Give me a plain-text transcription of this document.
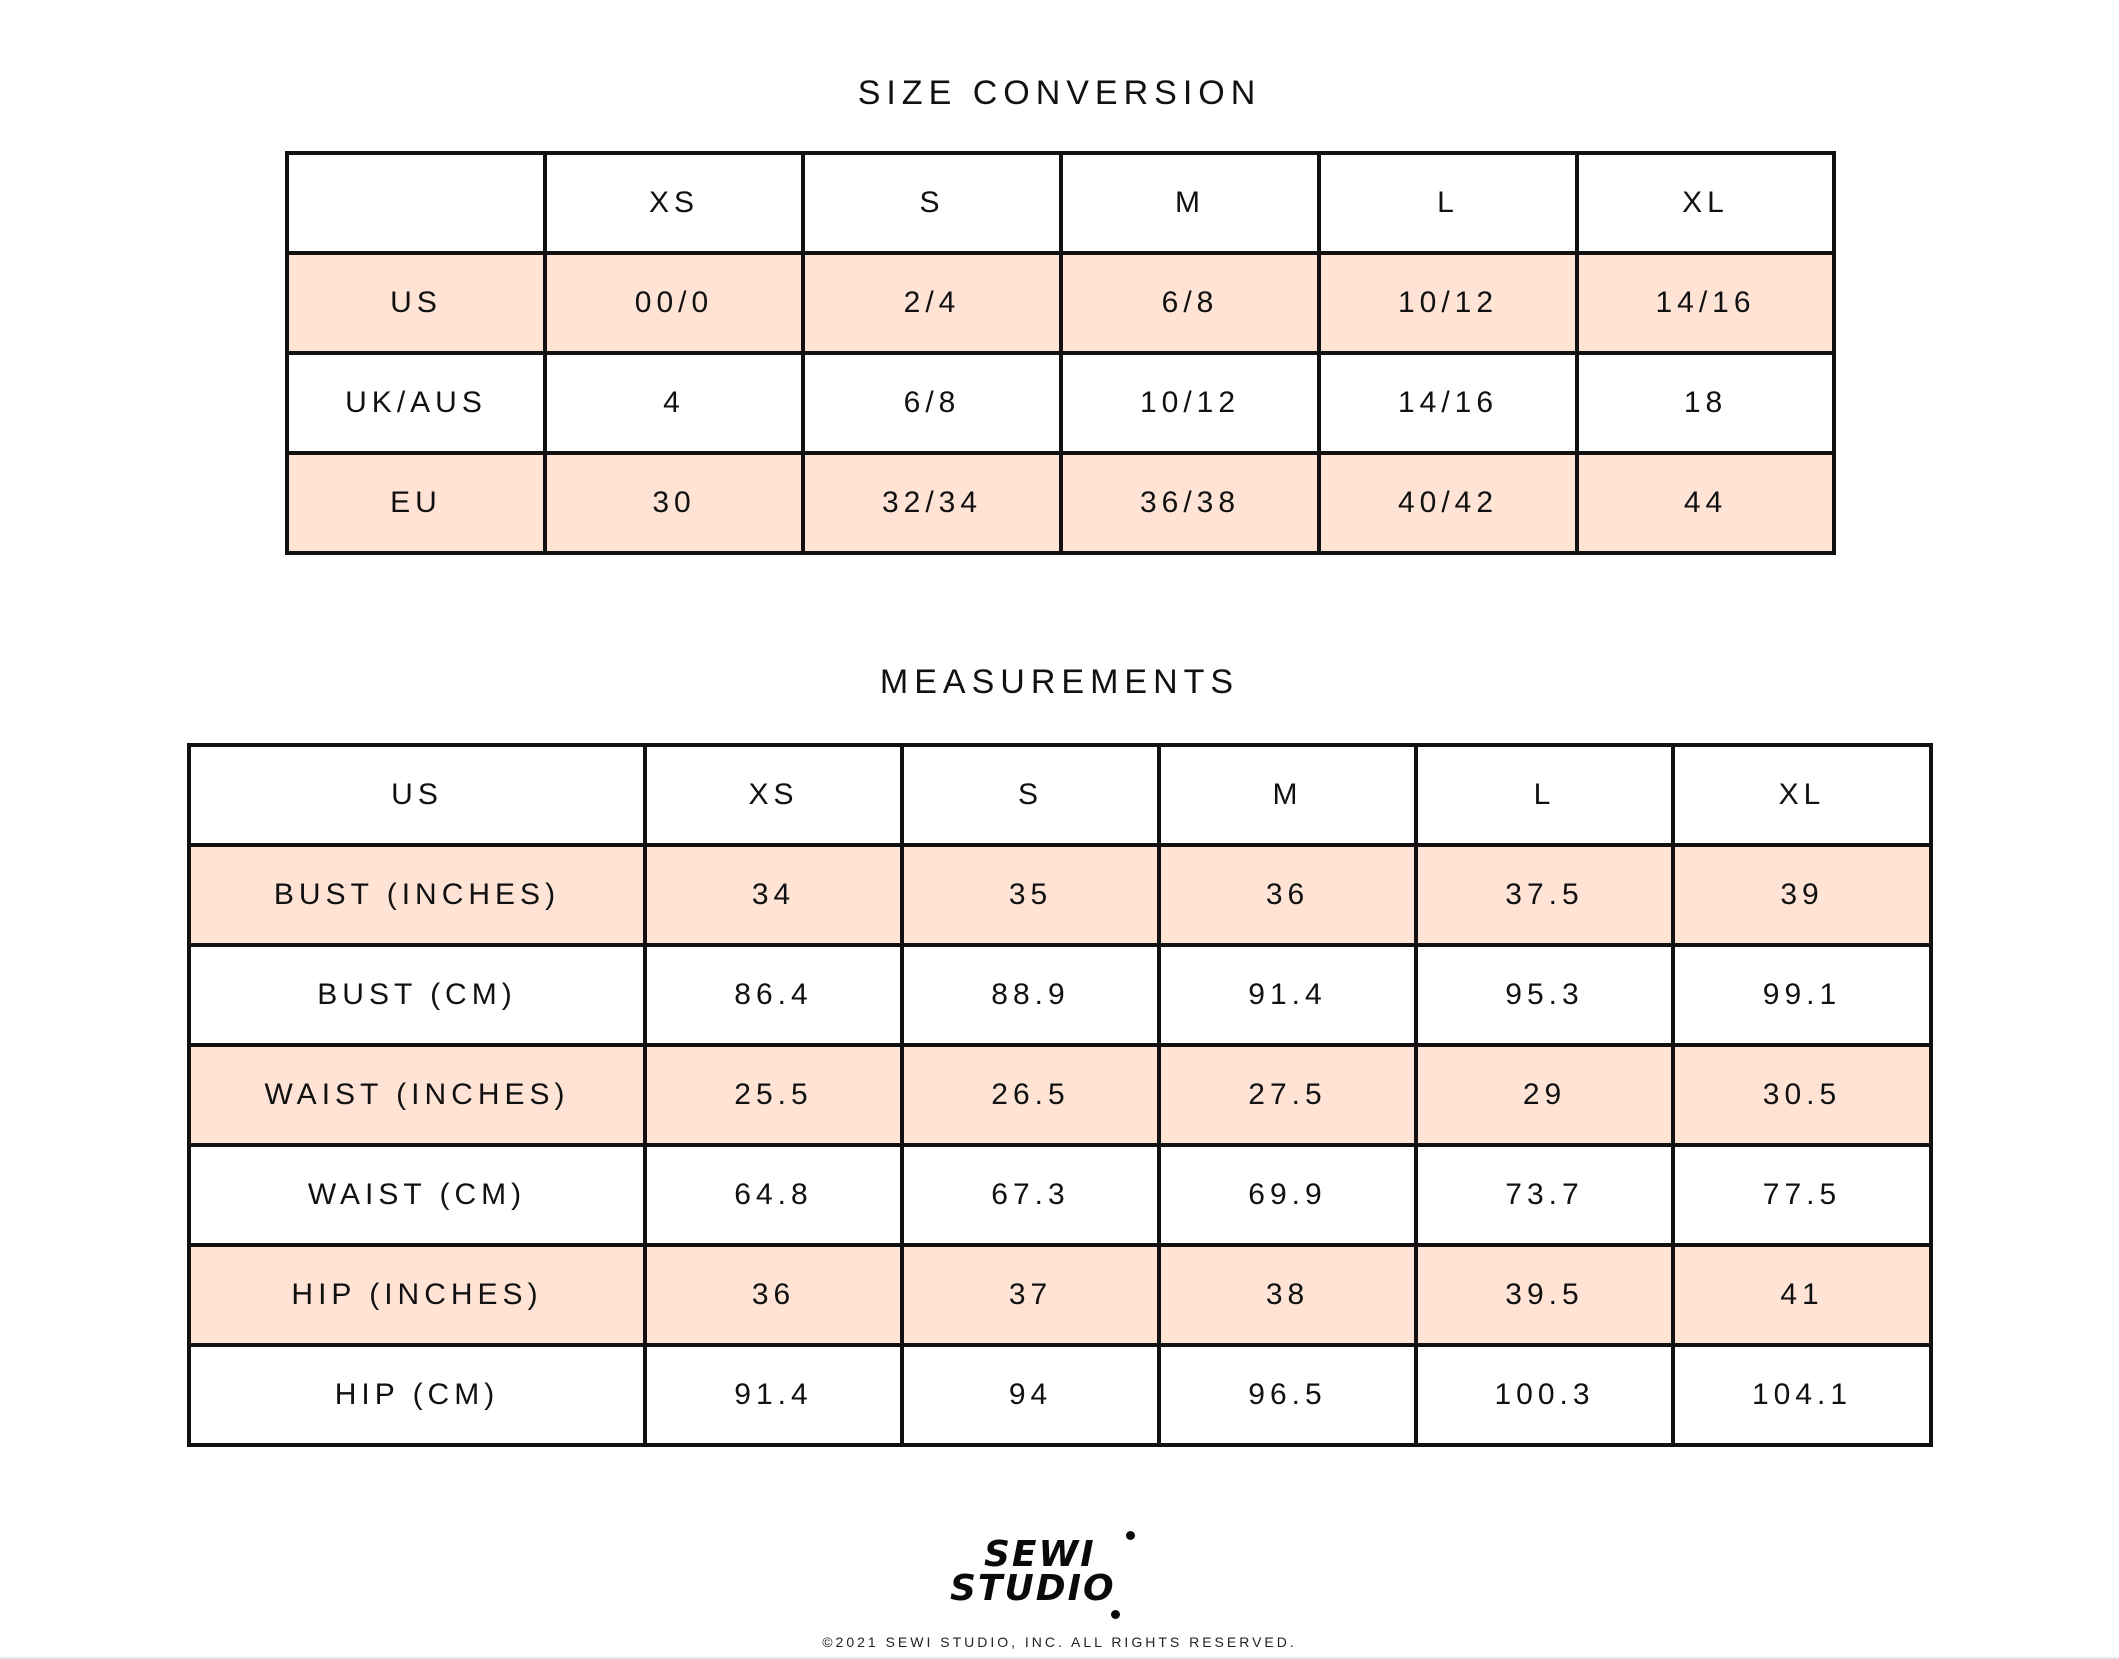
SIZE CONVERSION
	XS	S	M	L	XL
US	00/0	2/4	6/8	10/12	14/16
UK/AUS	4	6/8	10/12	14/16	18
EU	30	32/34	36/38	40/42	44
MEASUREMENTS
US	XS	S	M	L	XL
BUST (INCHES)	34	35	36	37.5	39
BUST (CM)	86.4	88.9	91.4	95.3	99.1
WAIST (INCHES)	25.5	26.5	27.5	29	30.5
WAIST (CM)	64.8	67.3	69.9	73.7	77.5
HIP (INCHES)	36	37	38	39.5	41
HIP (CM)	91.4	94	96.5	100.3	104.1
SEWI
STUDIO
©2021 SEWI STUDIO, INC. ALL RIGHTS RESERVED.
